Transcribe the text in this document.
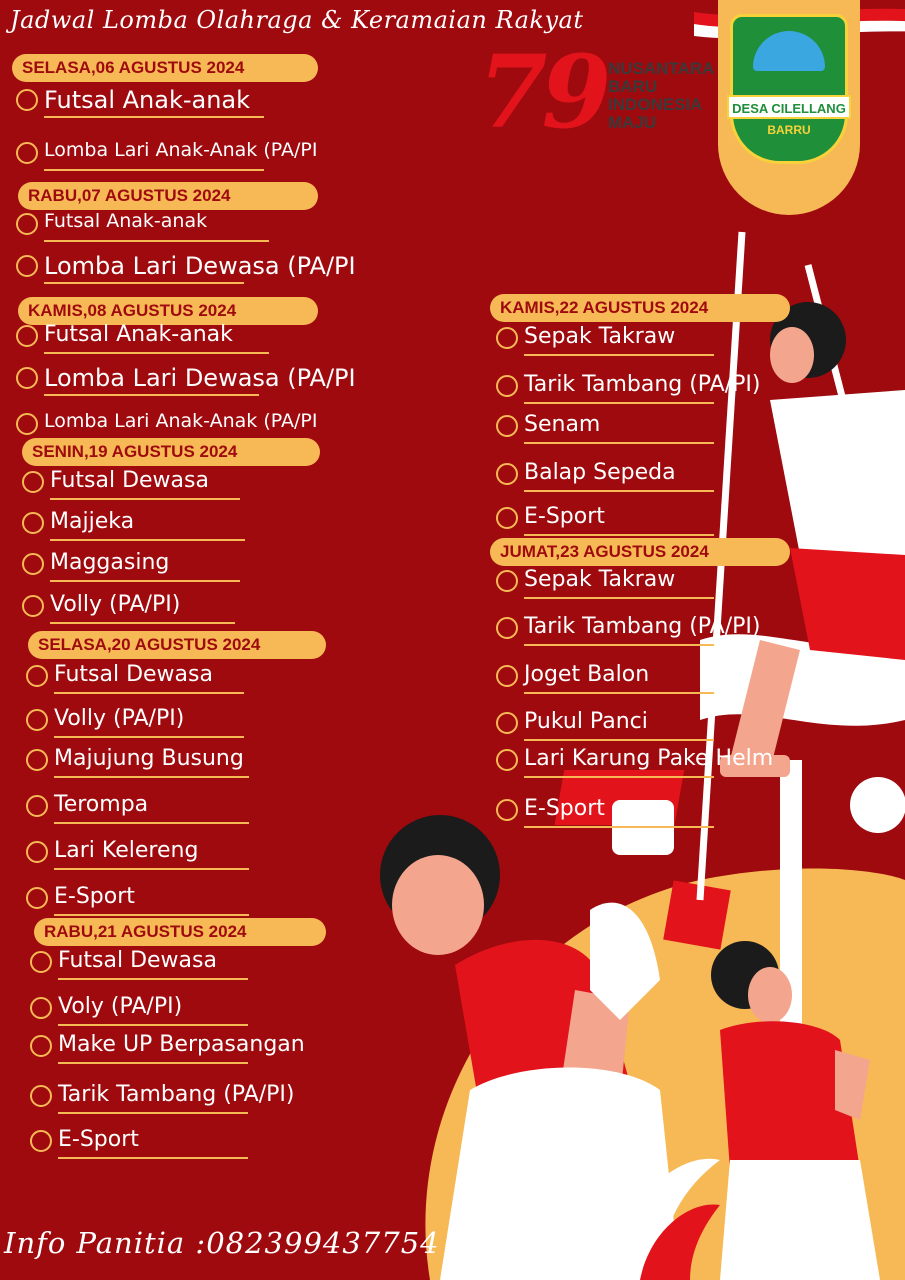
Jadwal Lomba Olahraga & Keramaian Rakyat
79 NUSANTARA
BARU
INDONESIA
MAJU
DESA CILELLANG
BARRU
SELASA,06 AGUSTUS 2024
Futsal Anak-anak
Lomba Lari Anak-Anak (PA/PI
RABU,07 AGUSTUS 2024
Futsal Anak-anak
Lomba Lari Dewasa (PA/PI
KAMIS,08 AGUSTUS 2024
Futsal Anak-anak
Lomba Lari Dewasa (PA/PI
Lomba Lari Anak-Anak (PA/PI
SENIN,19 AGUSTUS 2024
Futsal Dewasa
Majjeka
Maggasing
Volly (PA/PI)
SELASA,20 AGUSTUS 2024
Futsal Dewasa
Volly (PA/PI)
Majujung Busung
Terompa
Lari Kelereng
E-Sport
RABU,21 AGUSTUS 2024
Futsal Dewasa
Voly (PA/PI)
Make UP Berpasangan
Tarik Tambang (PA/PI)
E-Sport
KAMIS,22 AGUSTUS 2024
Sepak Takraw
Tarik Tambang (PA/PI)
Senam
Balap Sepeda
E-Sport
JUMAT,23 AGUSTUS 2024
Sepak Takraw
Tarik Tambang (PA/PI)
Joget Balon
Pukul Panci
Lari Karung Pake Helm
E-Sport
Info Panitia :082399437754
